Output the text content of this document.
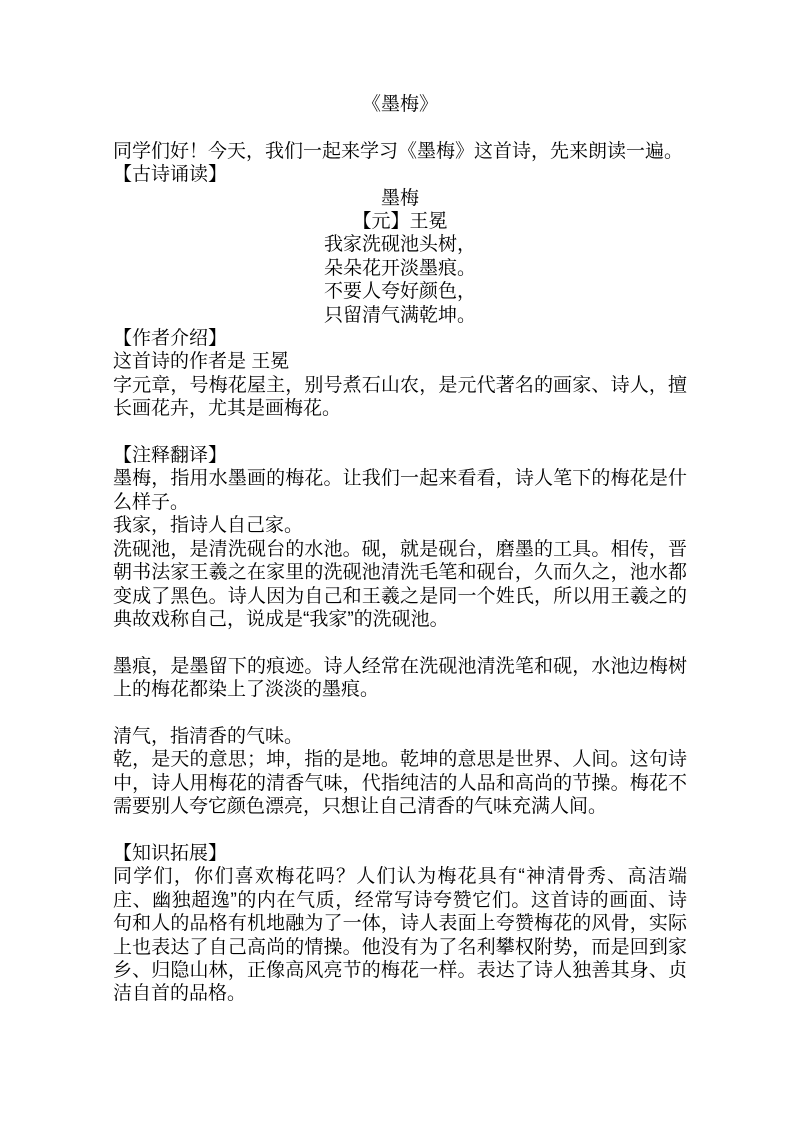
《墨梅》
同学们好！今天，我们一起来学习《墨梅》这首诗，先来朗读一遍。
【古诗诵读】
墨梅
【元】王冕
我家洗砚池头树，
朵朵花开淡墨痕。
不要人夸好颜色，
只留清气满乾坤。
【作者介绍】
这首诗的作者是 王冕
字元章，号梅花屋主，别号煮石山农，是元代著名的画家、诗人，擅长画花卉，尤其是画梅花。
【注释翻译】
墨梅，指用水墨画的梅花。让我们一起来看看，诗人笔下的梅花是什么样子。
我家，指诗人自己家。
洗砚池，是清洗砚台的水池。砚，就是砚台，磨墨的工具。相传，晋朝书法家王羲之在家里的洗砚池清洗毛笔和砚台，久而久之，池水都变成了黑色。诗人因为自己和王羲之是同一个姓氏，所以用王羲之的典故戏称自己，说成是“我家”的洗砚池。
墨痕，是墨留下的痕迹。诗人经常在洗砚池清洗笔和砚，水池边梅树上的梅花都染上了淡淡的墨痕。
清气，指清香的气味。
乾，是天的意思；坤，指的是地。乾坤的意思是世界、人间。这句诗中，诗人用梅花的清香气味，代指纯洁的人品和高尚的节操。梅花不需要别人夸它颜色漂亮，只想让自己清香的气味充满人间。
【知识拓展】
同学们，你们喜欢梅花吗？人们认为梅花具有“神清骨秀、高洁端庄、幽独超逸”的内在气质，经常写诗夸赞它们。这首诗的画面、诗句和人的品格有机地融为了一体，诗人表面上夸赞梅花的风骨，实际上也表达了自己高尚的情操。他没有为了名利攀权附势，而是回到家乡、归隐山林，正像高风亮节的梅花一样。表达了诗人独善其身、贞洁自首的品格。
